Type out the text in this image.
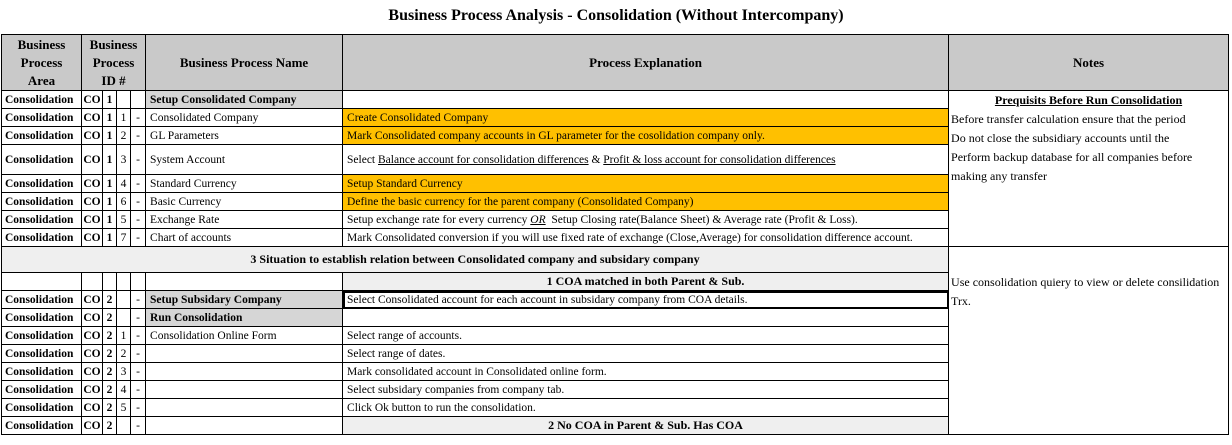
Business Process Analysis - Consolidation (Without Intercompany)
Business Process Area	Business Process ID #				Business Process Name	Process Explanation	Notes
Consolidation	CO	1			Setup Consolidated Company		Prequisits Before Run Consolidation
Before transfer calculation ensure that the period
Do not close the subsidiary accounts until the
Perform backup database for all companies before making any transfer

Consolidation	CO	1	1	-	Consolidated Company	Create Consolidated Company	
Consolidation	CO	1	2	-	GL Parameters	Mark Consolidated company accounts in GL parameter for the cosolidation company only.	
Consolidation	CO	1	3	-	System Account	Select Balance account for consolidation differences & Profit & loss account for consolidation differences	
Consolidation	CO	1	4	-	Standard Currency	Setup Standard Currency	
Consolidation	CO	1	6	-	Basic Currency	Define the basic currency for the parent company (Consolidated Company)	
Consolidation	CO	1	5	-	Exchange Rate	Setup exchange rate for every currency OR  Setup Closing rate(Balance Sheet) & Average rate (Profit & Loss).	
Consolidation	CO	1	7	-	Chart of accounts	Mark Consolidated conversion if you will use fixed rate of exchange (Close,Average) for consolidation difference account.	
3 Situation to establish relation between Consolidated company and subsidary company							Use consolidation quiery to view or delete consilidation Trx.

						1 COA matched in both Parent & Sub.	
Consolidation	CO	2		-	Setup Subsidary Company	Select Consolidated account for each account in subsidary company from COA details.	
Consolidation	CO	2		-	Run Consolidation		
Consolidation	CO	2	1	-	Consolidation Online Form	Select range of accounts.	
Consolidation	CO	2	2	-		Select range of dates.	
Consolidation	CO	2	3	-		Mark consolidated account in Consolidated online form.	
Consolidation	CO	2	4	-		Select subsidary companies from company tab.	
Consolidation	CO	2	5	-		Click Ok button to run the consolidation.	
Consolidation	CO	2		-		2 No COA in Parent & Sub. Has COA	
